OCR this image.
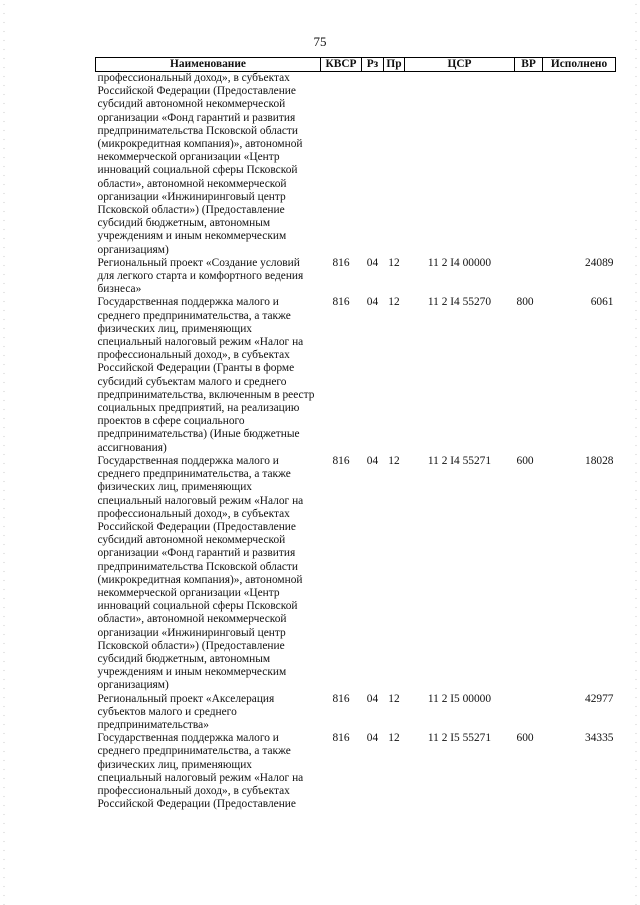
75
Наименование	КВСР	Рз	Пр	ЦСР	ВР	Исполнено
профессиональный доход», в субъектах Российской Федерации (Предоставление субсидий автономной некоммерческой организации «Фонд гарантий и развития предпринимательства Псковской области (микрокредитная компания)», автономной некоммерческой организации «Центр инноваций социальной сферы Псковской области», автономной некоммерческой организации «Инжиниринговый центр Псковской области») (Предоставление субсидий бюджетным, автономным учреждениям и иным некоммерческим организациям)						
Региональный проект «Создание условий для легкого старта и комфортного ведения бизнеса»	816	04	12	11 2 I4 00000		24089
Государственная поддержка малого и среднего предпринимательства, а также физических лиц, применяющих специальный налоговый режим «Налог на профессиональный доход», в субъектах Российской Федерации (Гранты в форме субсидий субъектам малого и среднего предпринимательства, включенным в реестр социальных предприятий, на реализацию проектов в сфере социального предпринимательства) (Иные бюджетные ассигнования)	816	04	12	11 2 I4 55270	800	6061
Государственная поддержка малого и среднего предпринимательства, а также физических лиц, применяющих специальный налоговый режим «Налог на профессиональный доход», в субъектах Российской Федерации (Предоставление субсидий автономной некоммерческой организации «Фонд гарантий и развития предпринимательства Псковской области (микрокредитная компания)», автономной некоммерческой организации «Центр инноваций социальной сферы Псковской области», автономной некоммерческой организации «Инжиниринговый центр Псковской области») (Предоставление субсидий бюджетным, автономным учреждениям и иным некоммерческим организациям)	816	04	12	11 2 I4 55271	600	18028
Региональный проект «Акселерация субъектов малого и среднего предпринимательства»	816	04	12	11 2 I5 00000		42977
Государственная поддержка малого и среднего предпринимательства, а также физических лиц, применяющих специальный налоговый режим «Налог на профессиональный доход», в субъектах Российской Федерации (Предоставление	816	04	12	11 2 I5 55271	600	34335
